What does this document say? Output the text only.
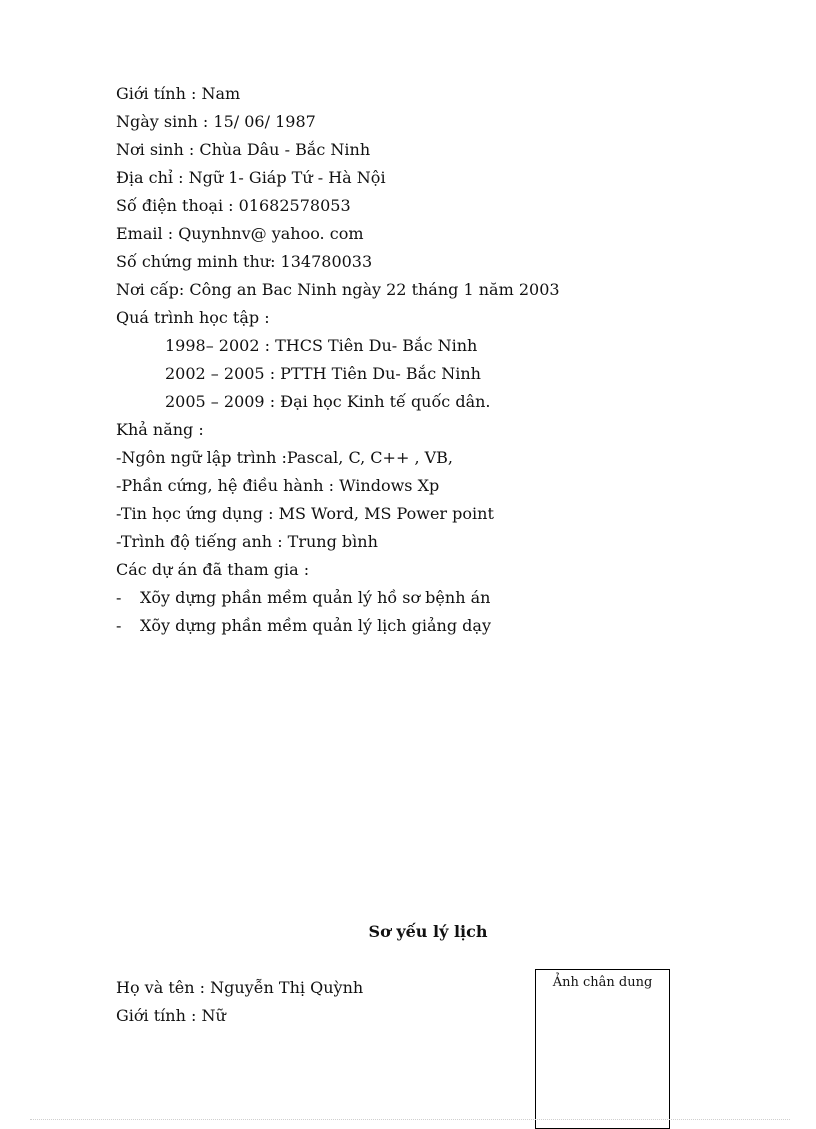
Giới tính : Nam
Ngày sinh : 15/ 06/ 1987
Nơi sinh : Chùa Dâu - Bắc Ninh
Địa chỉ : Ngữ 1- Giáp Tứ - Hà Nội
Số điện thoại : 01682578053
Email : Quynhnv@ yahoo. com
Số chứng minh thư: 134780033
Nơi cấp: Công an Bac Ninh ngày 22 tháng 1 năm 2003
Quá trình học tập :
1998– 2002 : THCS Tiên Du- Bắc Ninh
2002 – 2005 : PTTH Tiên Du- Bắc Ninh
2005 – 2009 : Đại học Kinh tế quốc dân.
Khả năng :
-Ngôn ngữ lập trình :Pascal, C, C++ , VB,
-Phần cứng, hệ điều hành : Windows Xp
-Tin học ứng dụng : MS Word, MS Power point
-Trình độ tiếng anh : Trung bình
Các dự án đã tham gia :
- Xõy dựng phần mềm quản lý hồ sơ bệnh án
- Xõy dựng phần mềm quản lý lịch giảng dạy
Sơ yếu lý lịch
Họ và tên : Nguyễn Thị Quỳnh
Giới tính : Nữ
Ảnh chân dung
